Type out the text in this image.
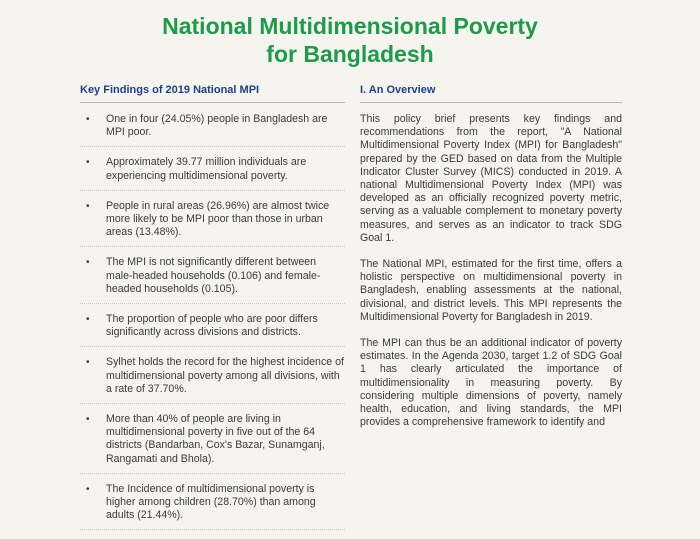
National Multidimensional Poverty
for Bangladesh
Key Findings of 2019 National MPI
•	One in four (24.05%) people in Bangladesh are MPI poor.
•	Approximately 39.77 million individuals are experiencing multidimensional poverty.
•	People in rural areas (26.96%) are almost twice more likely to be MPI poor than those in urban areas (13.48%).
•	The MPI is not significantly different between male-headed households (0.106) and female-headed households (0.105).
•	The proportion of people who are poor differs significantly across divisions and districts.
•	Sylhet holds the record for the highest incidence of multidimensional poverty among all divisions, with a rate of 37.70%.
•	More than 40% of people are living in multidimensional poverty in five out of the 64 districts (Bandarban, Cox's Bazar, Sunamganj, Rangamati and Bhola).
•	The Incidence of multidimensional poverty is higher among children (28.70%) than among adults (21.44%).
I. An Overview

This policy brief presents key findings and recommendations from the report, "A National Multidimensional Poverty Index (MPI) for Bangladesh" prepared by the GED based on data from the Multiple Indicator Cluster Survey (MICS) conducted in 2019. A national Multidimensional Poverty Index (MPI) was developed as an officially recognized poverty metric, serving as a valuable complement to monetary poverty measures, and serves as an indicator to track SDG Goal 1.

The National MPI, estimated for the first time, offers a holistic perspective on multidimensional poverty in Bangladesh, enabling assessments at the national, divisional, and district levels. This MPI represents the Multidimensional Poverty for Bangladesh in 2019.

The MPI can thus be an additional indicator of poverty estimates. In the Agenda 2030, target 1.2 of SDG Goal 1 has clearly articulated the importance of multidimensionality in measuring poverty. By considering multiple dimensions of poverty, namely health, education, and living standards, the MPI provides a comprehensive framework to identify and
